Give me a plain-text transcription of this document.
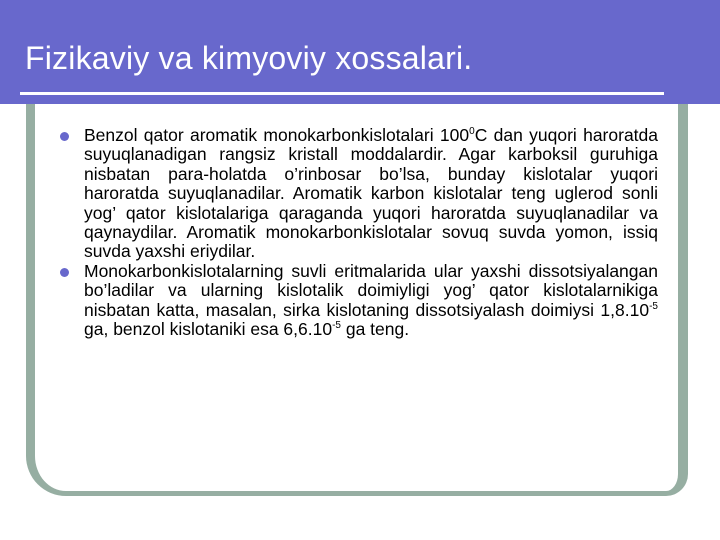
Fizikaviy va kimyoviy xossalari.
Benzol qator aromatik monokarbonkislotalari $100^0C$ dan yuqori haroratda suyuqlanadigan rangsiz kristall moddalardir. Agar karboksil guruhiga nisbatan para-holatda o’rinbosar bo’lsa, bunday kislotalar yuqori haroratda suyuqlanadilar. Aromatik karbon kislotalar teng uglerod sonli yog’ qator kislotalariga qaraganda yuqori haroratda suyuqlanadilar va qaynaydilar. Aromatik monokarbonkislotalar sovuq suvda yomon, issiq suvda yaxshi eriydilar.
Monokarbonkislotalarning suvli eritmalarida ular yaxshi dissotsiyalangan bo’ladilar va ularning kislotalik doimiyligi yog’ qator kislotalarnikiga nisbatan katta, masalan, sirka kislotaning dissotsiyalash doimiysi $1,8.10^{-5}$ ga, benzol kislotaniki esa $6,6.10^{-5}$ ga teng.
